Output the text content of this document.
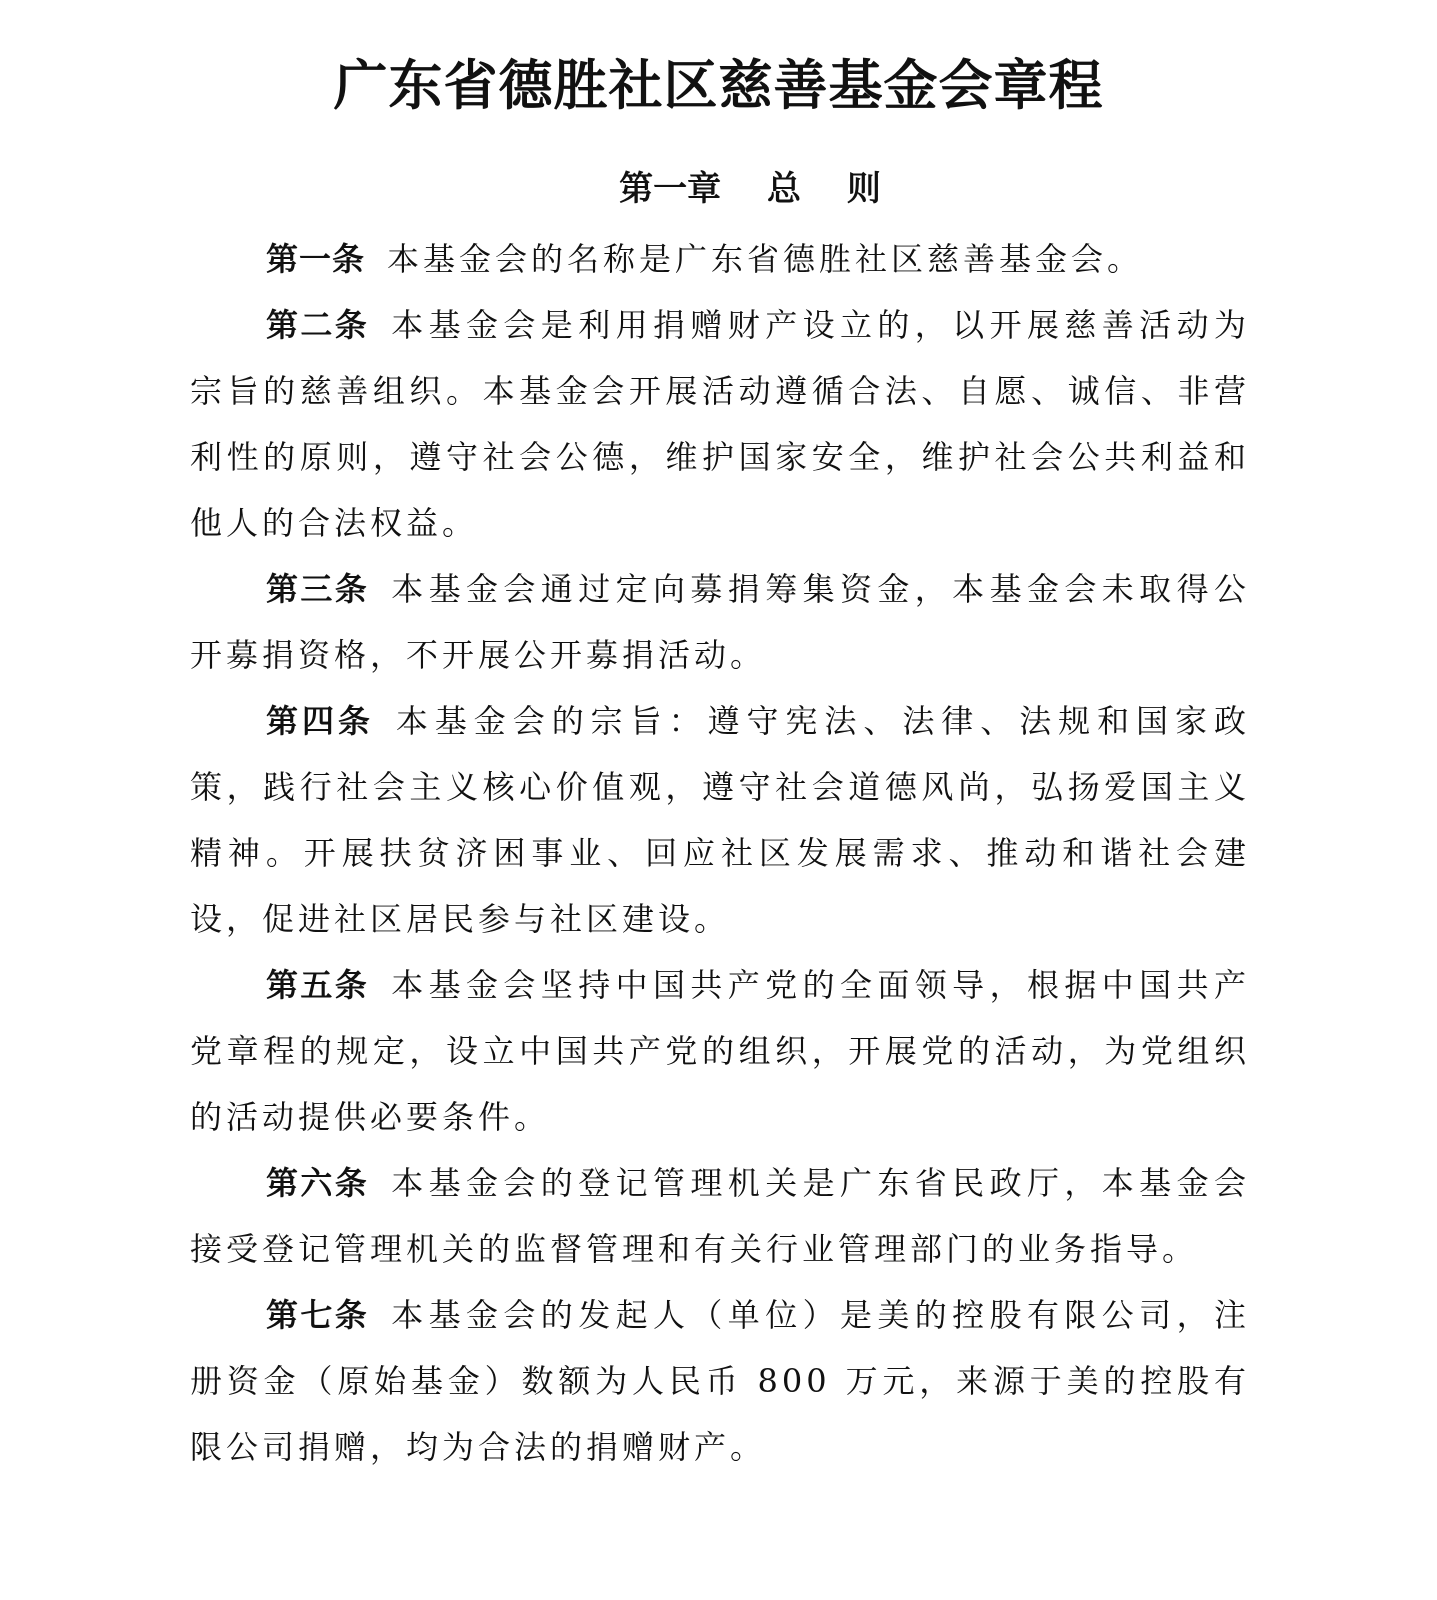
广东省德胜社区慈善基金会章程
第一章　 总　 则

第一条 本基金会的名称是广东省德胜社区慈善基金会。

第二条 本基金会是利用捐赠财产设立的，以开展慈善活动为宗旨的慈善组织。本基金会开展活动遵循合法、自愿、诚信、非营利性的原则，遵守社会公德，维护国家安全，维护社会公共利益和他人的合法权益。

第三条 本基金会通过定向募捐筹集资金，本基金会未取得公开募捐资格，不开展公开募捐活动。

第四条 本基金会的宗旨：遵守宪法、法律、法规和国家政策，践行社会主义核心价值观，遵守社会道德风尚，弘扬爱国主义精神。开展扶贫济困事业、回应社区发展需求、推动和谐社会建设，促进社区居民参与社区建设。

第五条 本基金会坚持中国共产党的全面领导，根据中国共产党章程的规定，设立中国共产党的组织，开展党的活动，为党组织的活动提供必要条件。

第六条 本基金会的登记管理机关是广东省民政厅，本基金会接受登记管理机关的监督管理和有关行业管理部门的业务指导。

第七条 本基金会的发起人（单位）是美的控股有限公司，注册资金（原始基金）数额为人民币 800 万元，来源于美的控股有限公司捐赠，均为合法的捐赠财产。
